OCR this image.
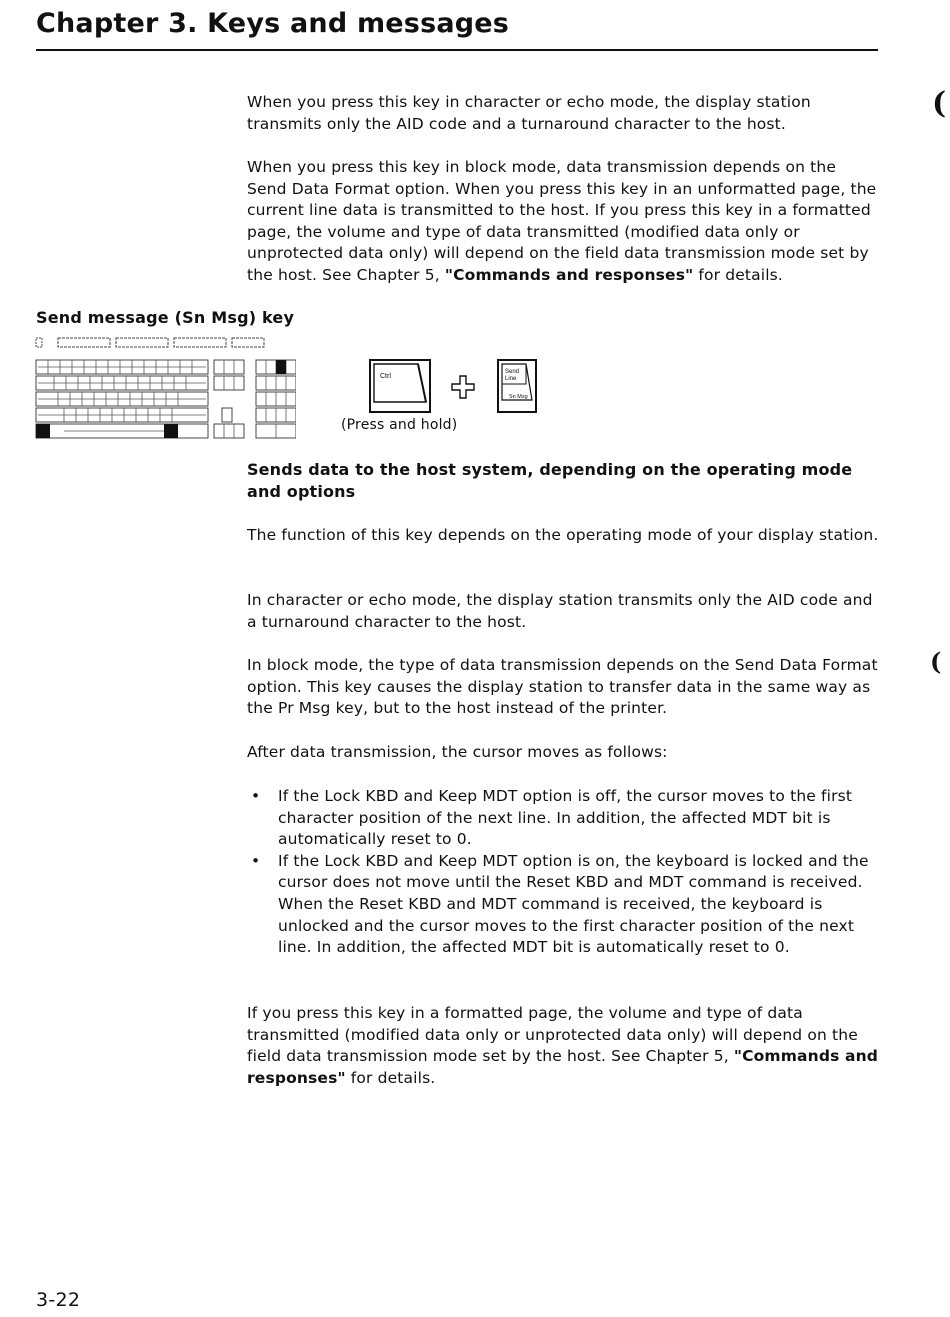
Chapter 3. Keys and messages
(
(

When you press this key in character or echo mode, the display station transmits only the AID code and a turnaround character to the host.

When you press this key in block mode, data transmission depends on the Send Data Format option. When you press this key in an unformatted page, the current line data is transmitted to the host. If you press this key in a formatted page, the volume and type of data transmitted (modified data only or unprotected data only) will depend on the field data transmission mode set by the host. See Chapter 5, "Commands and responses" for details.

Send message (Sn Msg) key
Ctrl
Send
Line
Sn Msg
(Press and hold)

Sends data to the host system, depending on the operating mode and options

The function of this key depends on the operating mode of your display station.

In character or echo mode, the display station transmits only the AID code and a turnaround character to the host.

In block mode, the type of data transmission depends on the Send Data Format option. This key causes the display station to transfer data in the same way as the Pr Msg key, but to the host instead of the printer.

After data transmission, the cursor moves as follows:

• If the Lock KBD and Keep MDT option is off, the cursor moves to the first character position of the next line. In addition, the affected MDT bit is automatically reset to 0.
• If the Lock KBD and Keep MDT option is on, the keyboard is locked and the cursor does not move until the Reset KBD and MDT command is received. When the Reset KBD and MDT command is received, the keyboard is unlocked and the cursor moves to the first character position of the next line. In addition, the affected MDT bit is automatically reset to 0.

If you press this key in a formatted page, the volume and type of data transmitted (modified data only or unprotected data only) will depend on the field data transmission mode set by the host. See Chapter 5, "Commands and responses" for details.

3-22
